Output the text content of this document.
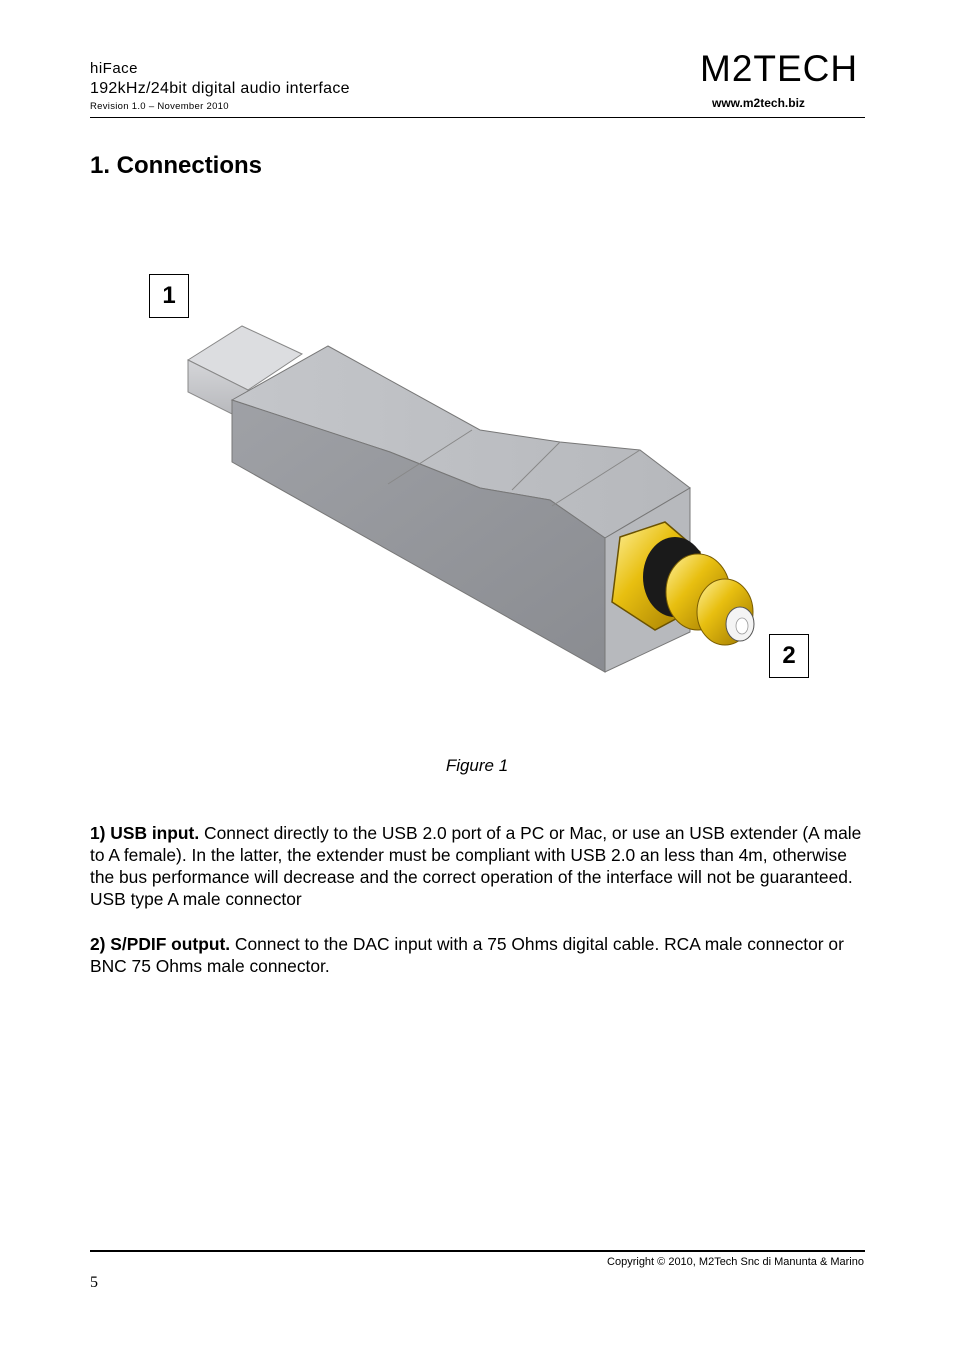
hiFace
192kHz/24bit digital audio interface
Revision 1.0 – November 2010
M2TECH
www.m2tech.biz
1. Connections
1
2
Figure 1

1) USB input. Connect directly to the USB 2.0 port of a PC or Mac, or use an USB extender (A male to A female). In the latter, the extender must be compliant with USB 2.0 an less than 4m, otherwise the bus performance will decrease and the correct operation of the interface will not be guaranteed. USB type A male connector

2) S/PDIF output. Connect to the DAC input with a 75 Ohms digital cable. RCA male connector or BNC 75 Ohms male connector.

Copyright © 2010, M2Tech Snc di Manunta & Marino
5
